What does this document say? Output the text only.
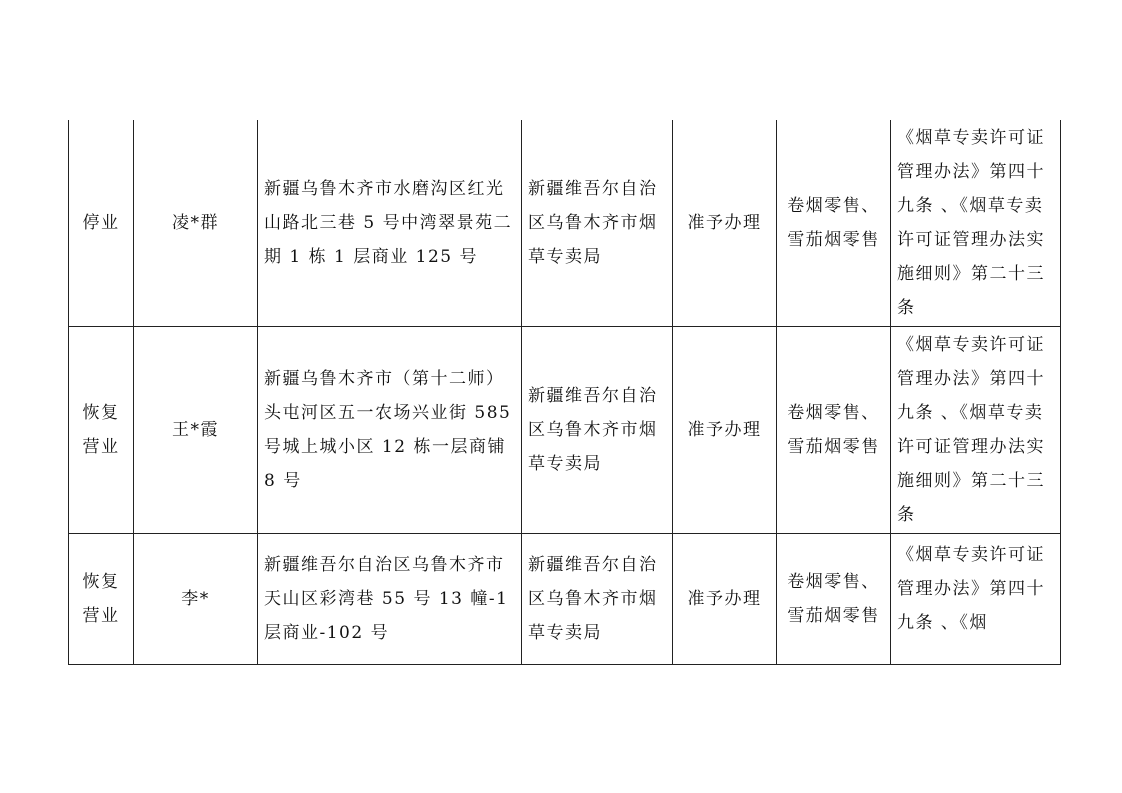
停业	凌*群	新疆乌鲁木齐市水磨沟区红光山路北三巷 5 号中湾翠景苑二期 1 栋 1 层商业 125 号	新疆维吾尔自治区乌鲁木齐市烟草专卖局	准予办理	卷烟零售、雪茄烟零售	《烟草专卖许可证管理办法》第四十九条 、《烟草专卖许可证管理办法实施细则》第二十三条

恢复营业	王*霞	新疆乌鲁木齐市（第十二师）头屯河区五一农场兴业街 585 号城上城小区 12 栋一层商铺 8 号	新疆维吾尔自治区乌鲁木齐市烟草专卖局	准予办理	卷烟零售、雪茄烟零售	《烟草专卖许可证管理办法》第四十九条 、《烟草专卖许可证管理办法实施细则》第二十三条

恢复营业	李*	新疆维吾尔自治区乌鲁木齐市天山区彩湾巷 55 号 13 幢-1 层商业-102 号	新疆维吾尔自治区乌鲁木齐市烟草专卖局	准予办理	卷烟零售、雪茄烟零售	《烟草专卖许可证管理办法》第四十九条 、《烟
